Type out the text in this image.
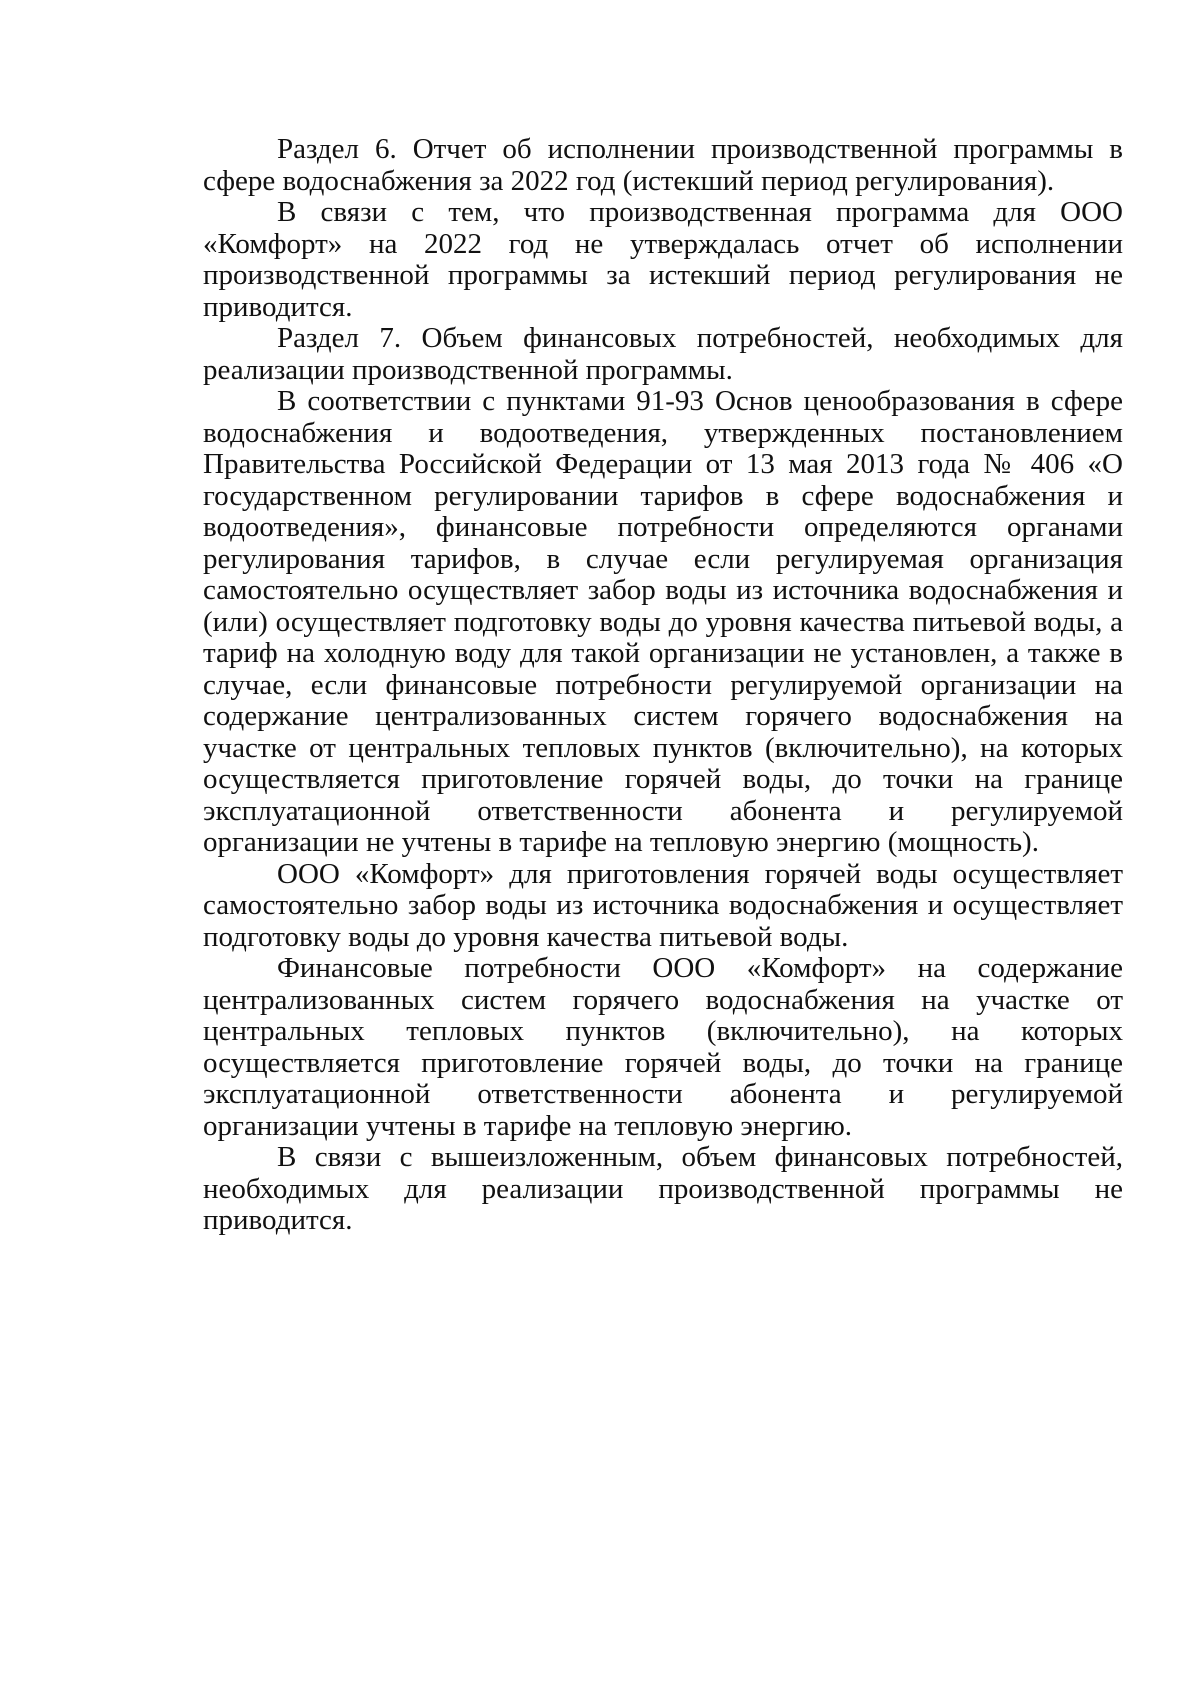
Раздел 6. Отчет об исполнении производственной программы в сфере водоснабжения за 2022 год (истекший период регулирования).

В связи с тем, что производственная программа для ООО «Комфорт» на 2022 год не утверждалась отчет об исполнении производственной программы за истекший период регулирования не приводится.

Раздел 7. Объем финансовых потребностей, необходимых для реализации производственной программы.

В соответствии с пунктами 91-93 Основ ценообразования в сфере водоснабжения и водоотведения, утвержденных постановлением Правительства Российской Федерации от 13 мая 2013 года № 406 «О государственном регулировании тарифов в сфере водоснабжения и водоотведения», финансовые потребности определяются органами регулирования тарифов, в случае если регулируемая организация самостоятельно осуществляет забор воды из источника водоснабжения и (или) осуществляет подготовку воды до уровня качества питьевой воды, а тариф на холодную воду для такой организации не установлен, а также в случае, если финансовые потребности регулируемой организации на содержание централизованных систем горячего водоснабжения на участке от центральных тепловых пунктов (включительно), на которых осуществляется приготовление горячей воды, до точки на границе эксплуатационной ответственности абонента и регулируемой организации не учтены в тарифе на тепловую энергию (мощность).

ООО «Комфорт» для приготовления горячей воды осуществляет самостоятельно забор воды из источника водоснабжения и осуществляет подготовку воды до уровня качества питьевой воды.

Финансовые потребности ООО «Комфорт» на содержание централизованных систем горячего водоснабжения на участке от центральных тепловых пунктов (включительно), на которых осуществляется приготовление горячей воды, до точки на границе эксплуатационной ответственности абонента и регулируемой организации учтены в тарифе на тепловую энергию.

В связи с вышеизложенным, объем финансовых потребностей, необходимых для реализации производственной программы не приводится.
